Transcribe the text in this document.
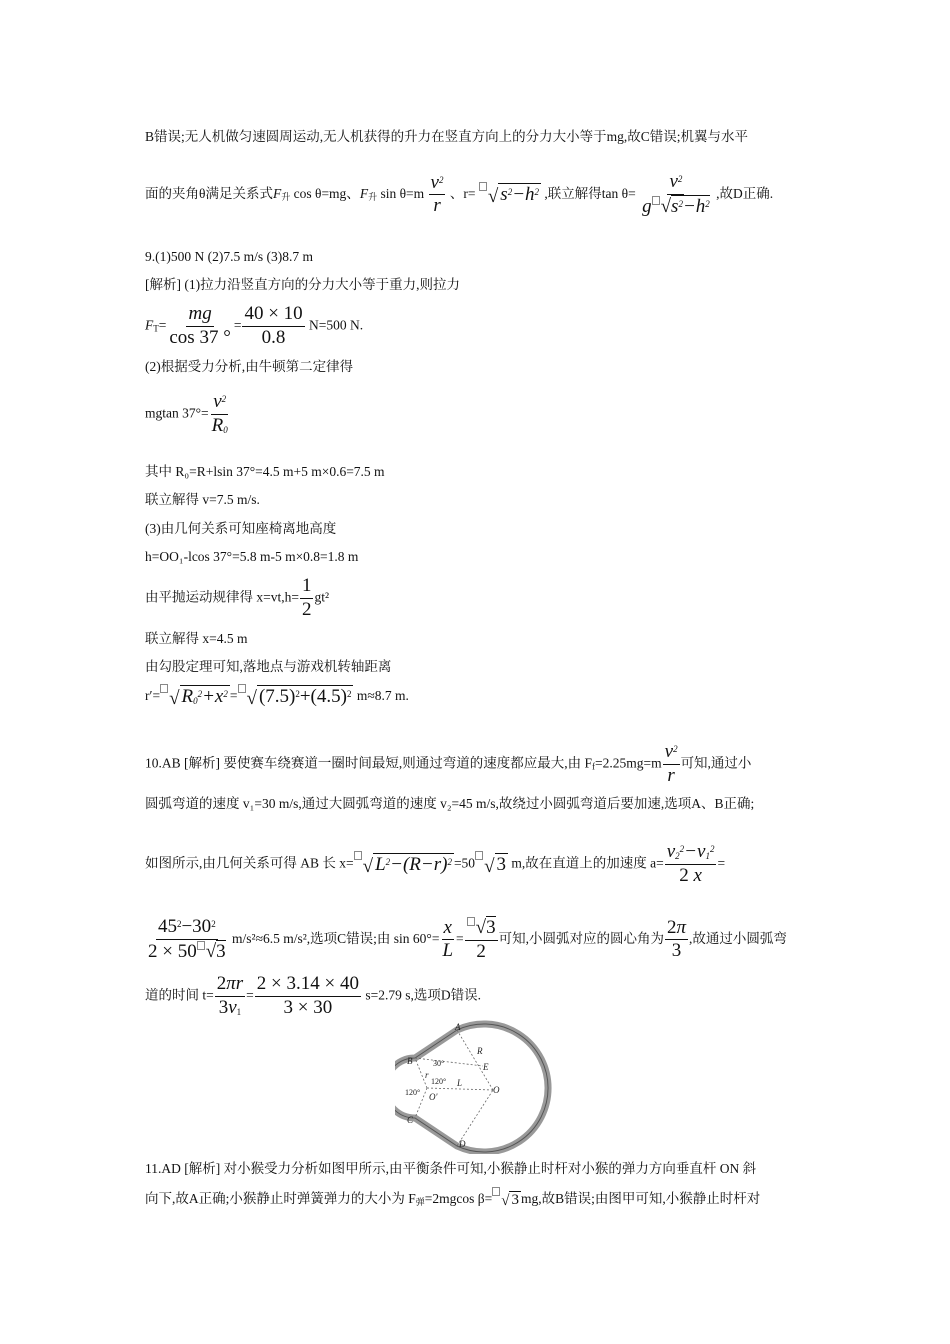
B错误;无人机做匀速圆周运动,无人机获得的升力在竖直方向上的分力大小等于mg,故C错误;机翼与水平
面的夹角θ满足关系式$F_升$ cos θ=mg、$F_升$ $\sin \theta=m \frac{v^2}{r}$ 、r= √ $s^2-h^2$ ,联立解得$\tan \theta= \frac{v^2}{g √s^2-h^2}$ ,故D正确.
9.(1)500 N (2)7.5 m/s (3)8.7 m
[解析] (1)拉力沿竖直方向的分力大小等于重力,则拉力
$F_T= \frac{mg}{\cos 37 ^\circ} = \frac{40 \times 10}{0.8} N=500$ N.
(2)根据受力分析,由牛顿第二定律得
mgtan $37^\circ= \frac{v^2}{R_0}$
其中 R₀=R+lsin 37°=4.5 m+5 m×0.6=7.5 m
联立解得 v=7.5 m/s.
(3)由几何关系可知座椅离地高度
h=OO₁-lcos 37°=5.8 m-5 m×0.8=1.8 m
由平抛运动规律得 $x=vt,h= \frac{1}{2} gt^2$
联立解得 x=4.5 m
由勾股定理可知,落地点与游戏机转轴距离
r′= √ $R_0^2+x^2$ = √ $(7.5)^2+(4.5)^2$ m≈8.7 m.
10.AB [解析] 要使赛车绕赛道一圈时间最短,则通过弯道的速度都应最大,由 $F_f=2.25mg=m \frac{v^2}{r}$ 可知,通过小
圆弧弯道的速度 v₁=30 m/s,通过大圆弧弯道的速度 v₂=45 m/s,故绕过小圆弧弯道后要加速,选项A、B正确;
如图所示,由几何关系可得 AB 长 x= √ $L^2-(R-r)^2 =50$ √ 3 m,故在直道上的加速度 $a= \frac{v_2^2-v_1^2}{2 x}$ =
$\frac{45^2-30^2}{2 \times 50 √3} m/s^2\approx 6.5$ m/s²,选项C错误;由 $\sin 60^\circ= \frac{x}{L} = \frac{√3}{2}$ 可知,小圆弧对应的圆心角为 $\frac{2\pi}{3}$ ,故通过小圆弧弯
道的时间 $t= \frac{2\pi r}{3v_1} = \frac{2 \times 3.14 \times 40}{3 \times 30} s=2.79$ s,选项D错误.
A
B
C
D
E
O
O'
R
r
L
30°
120°
120°
11.AD [解析] 对小猴受力分析如图甲所示,由平衡条件可知,小猴静止时杆对小猴的弹力方向垂直杆 ON 斜
向下,故A正确;小猴静止时弹簧弹力的大小为 $F_弹=2mgcos$ β= √ 3 mg,故B错误;由图甲可知,小猴静止时杆对
